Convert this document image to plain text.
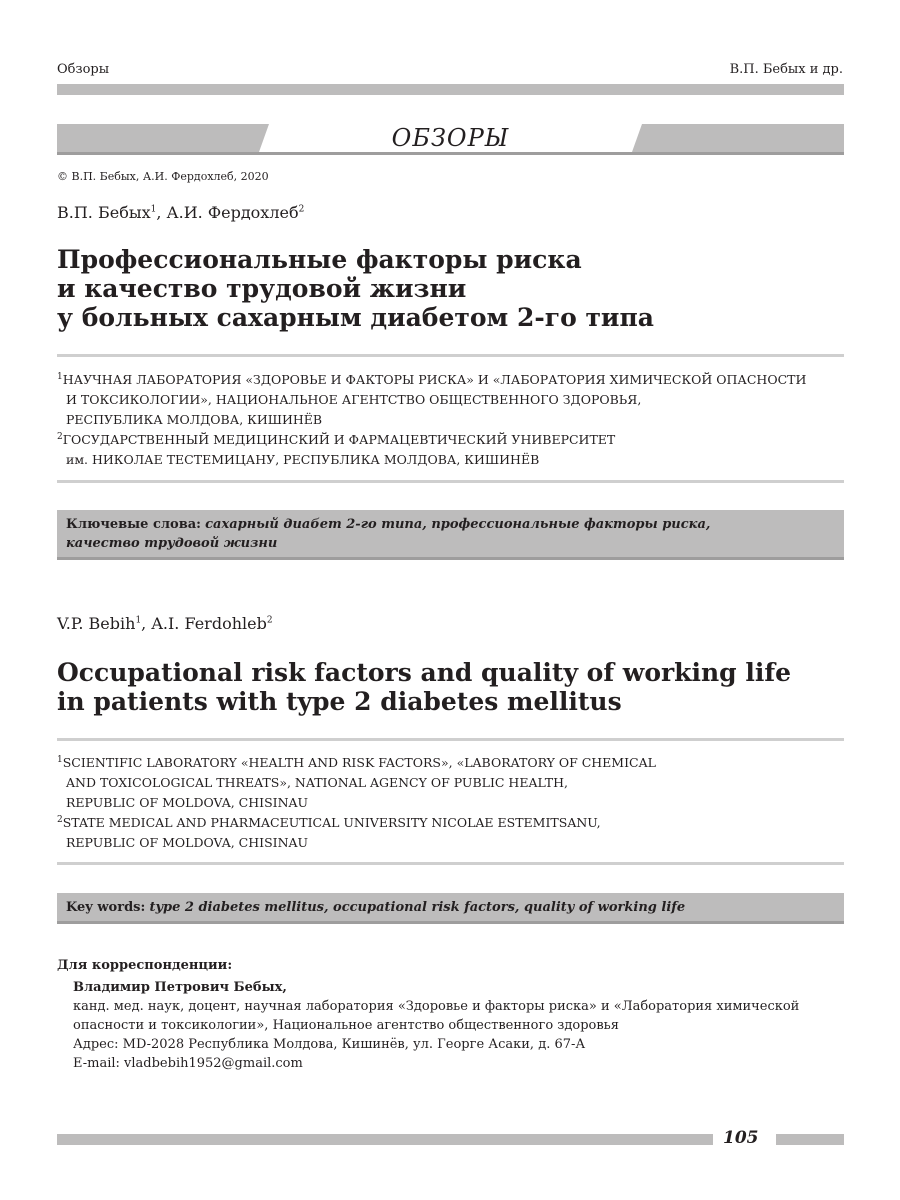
Обзоры	В.П. Бебых и др.
ОБЗОРЫ
© В.П. Бебых, А.И. Фердохлеб, 2020
В.П. Бебых$^1$, А.И. Фердохлеб$^2$
Профессиональные факторы риска
и качество трудовой жизни
у больных сахарным диабетом 2-го типа
$^1$НАУЧНАЯ ЛАБОРАТОРИЯ «ЗДОРОВЬЕ И ФАКТОРЫ РИСКА» И «ЛАБОРАТОРИЯ ХИМИЧЕСКОЙ ОПАСНОСТИ
И ТОКСИКОЛОГИИ», НАЦИОНАЛЬНОЕ АГЕНТСТВО ОБЩЕСТВЕННОГО ЗДОРОВЬЯ,
РЕСПУБЛИКА МОЛДОВА, КИШИНЁВ
$^2$ГОСУДАРСТВЕННЫЙ МЕДИЦИНСКИЙ И ФАРМАЦЕВТИЧЕСКИЙ УНИВЕРСИТЕТ
им. НИКОЛАЕ ТЕСТЕМИЦАНУ, РЕСПУБЛИКА МОЛДОВА, КИШИНЁВ
Ключевые слова: сахарный диабет 2-го типа, профессиональные факторы риска,
качество трудовой жизни
V.P. Bebih$^1$, A.I. Ferdohleb$^2$
Occupational risk factors and quality of working life
in patients with type 2 diabetes mellitus
$^1$SCIENTIFIC LABORATORY «HEALTH AND RISK FACTORS», «LABORATORY OF CHEMICAL
AND TOXICOLOGICAL THREATS», NATIONAL AGENCY OF PUBLIC HEALTH,
REPUBLIC OF MOLDOVA, CHISINAU
$^2$STATE MEDICAL AND PHARMACEUTICAL UNIVERSITY NICOLAE ESTEMITSANU,
REPUBLIC OF MOLDOVA, CHISINAU
Key words: type 2 diabetes mellitus, occupational risk factors, quality of working life
Для корреспонденции:
Владимир Петрович Бебых,
канд. мед. наук, доцент, научная лаборатория «Здоровье и факторы риска» и «Лаборатория химической
опасности и токсикологии», Национальное агентство общественного здоровья
Адрес: MD-2028 Республика Молдова, Кишинёв, ул. Георге Асаки, д. 67-А
E-mail: vladbebih1952@gmail.com
105
